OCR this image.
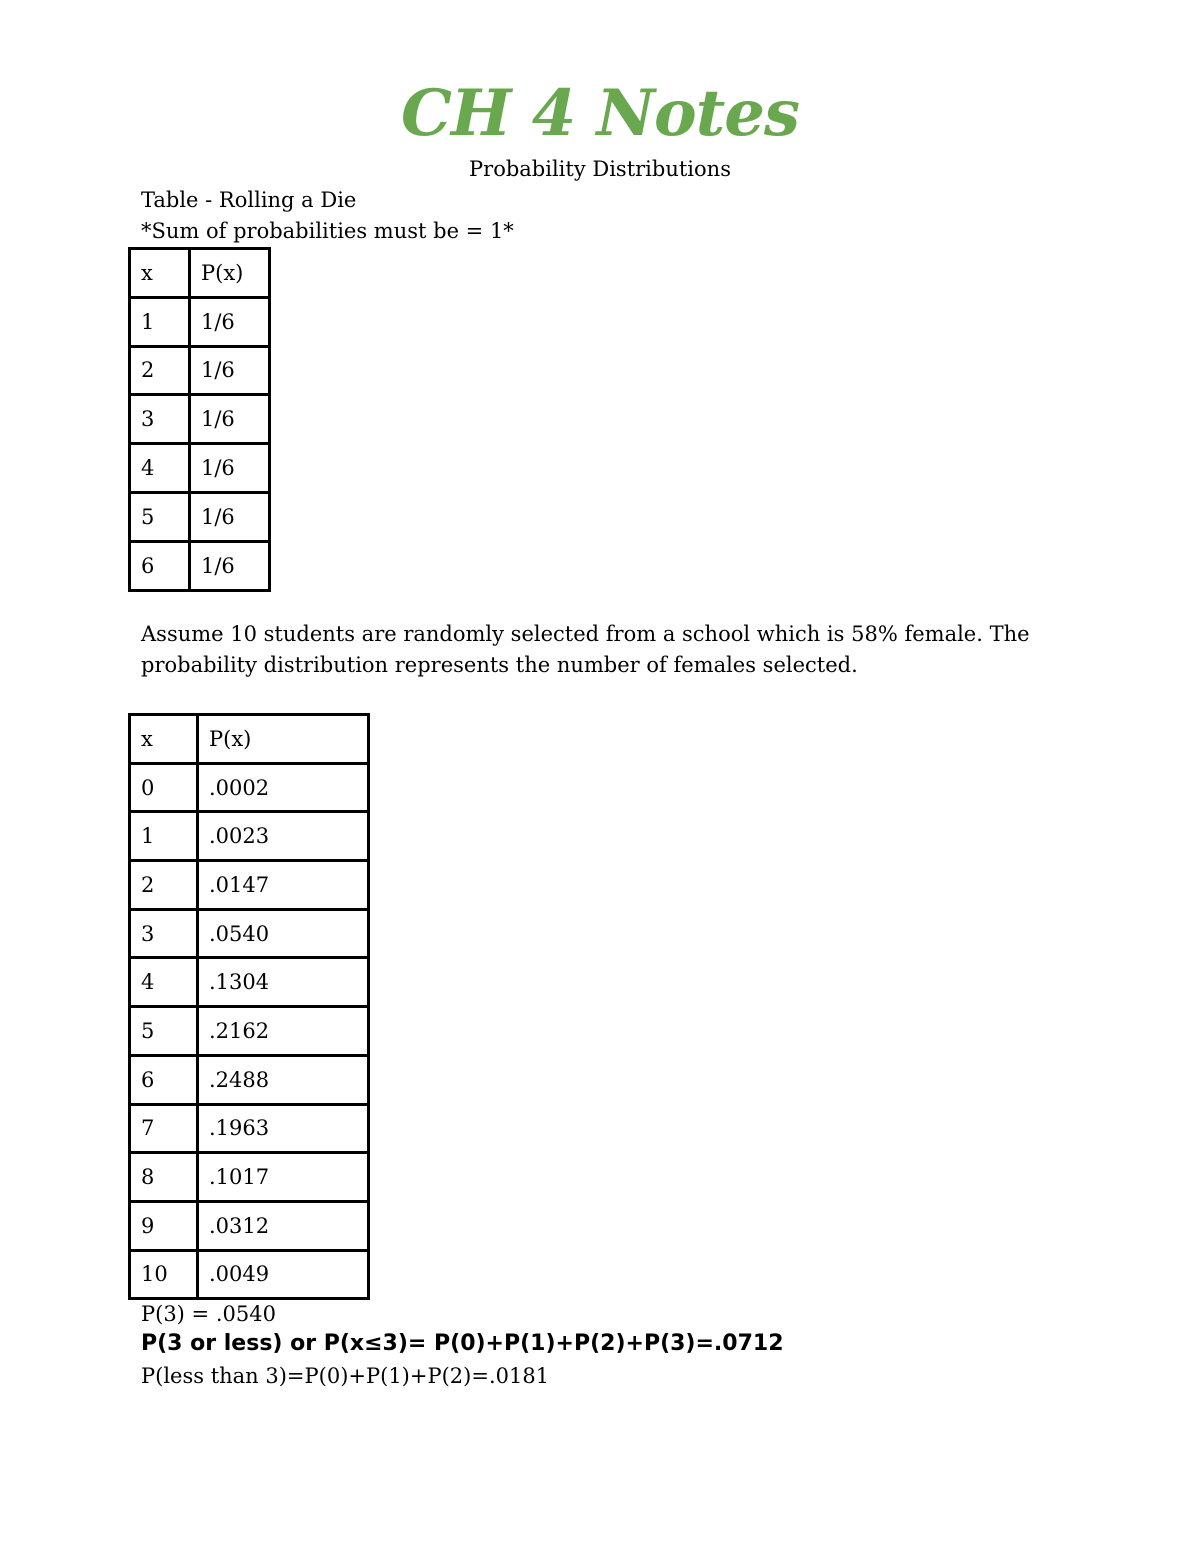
CH 4 Notes
Probability Distributions
Table - Rolling a Die
*Sum of probabilities must be = 1*
x	P(x)
1	1/6
2	1/6
3	1/6
4	1/6
5	1/6
6	1/6
Assume 10 students are randomly selected from a school which is 58% female. The probability distribution represents the number of females selected.
x	P(x)
0	.0002
1	.0023
2	.0147
3	.0540
4	.1304
5	.2162
6	.2488
7	.1963
8	.1017
9	.0312
10	.0049
P(3) = .0540
P(3 or less) or P(x≤3)= P(0)+P(1)+P(2)+P(3)=.0712
P(less than 3)=P(0)+P(1)+P(2)=.0181
